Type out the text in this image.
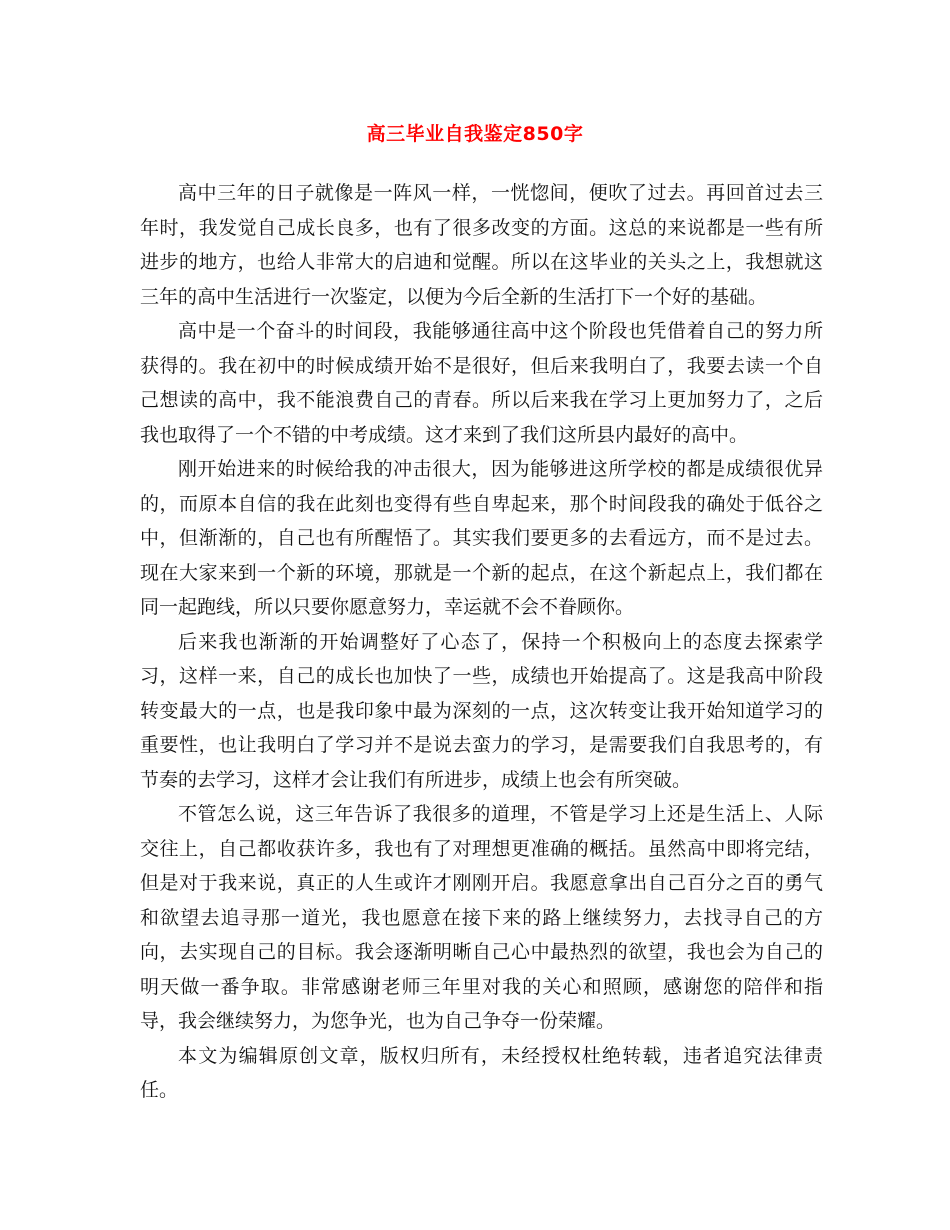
高三毕业自我鉴定850字

高中三年的日子就像是一阵风一样，一恍惚间，便吹了过去。再回首过去三年时，我发觉自己成长良多，也有了很多改变的方面。这总的来说都是一些有所进步的地方，也给人非常大的启迪和觉醒。所以在这毕业的关头之上，我想就这三年的高中生活进行一次鉴定，以便为今后全新的生活打下一个好的基础。

高中是一个奋斗的时间段，我能够通往高中这个阶段也凭借着自己的努力所获得的。我在初中的时候成绩开始不是很好，但后来我明白了，我要去读一个自己想读的高中，我不能浪费自己的青春。所以后来我在学习上更加努力了，之后我也取得了一个不错的中考成绩。这才来到了我们这所县内最好的高中。

刚开始进来的时候给我的冲击很大，因为能够进这所学校的都是成绩很优异的，而原本自信的我在此刻也变得有些自卑起来，那个时间段我的确处于低谷之中，但渐渐的，自己也有所醒悟了。其实我们要更多的去看远方，而不是过去。现在大家来到一个新的环境，那就是一个新的起点，在这个新起点上，我们都在同一起跑线，所以只要你愿意努力，幸运就不会不眷顾你。

后来我也渐渐的开始调整好了心态了，保持一个积极向上的态度去探索学习，这样一来，自己的成长也加快了一些，成绩也开始提高了。这是我高中阶段转变最大的一点，也是我印象中最为深刻的一点，这次转变让我开始知道学习的重要性，也让我明白了学习并不是说去蛮力的学习，是需要我们自我思考的，有节奏的去学习，这样才会让我们有所进步，成绩上也会有所突破。

不管怎么说，这三年告诉了我很多的道理，不管是学习上还是生活上、人际交往上，自己都收获许多，我也有了对理想更准确的概括。虽然高中即将完结，但是对于我来说，真正的人生或许才刚刚开启。我愿意拿出自己百分之百的勇气和欲望去追寻那一道光，我也愿意在接下来的路上继续努力，去找寻自己的方向，去实现自己的目标。我会逐渐明晰自己心中最热烈的欲望，我也会为自己的明天做一番争取。非常感谢老师三年里对我的关心和照顾，感谢您的陪伴和指导，我会继续努力，为您争光，也为自己争夺一份荣耀。

本文为编辑原创文章，版权归所有，未经授权杜绝转载，违者追究法律责任。
